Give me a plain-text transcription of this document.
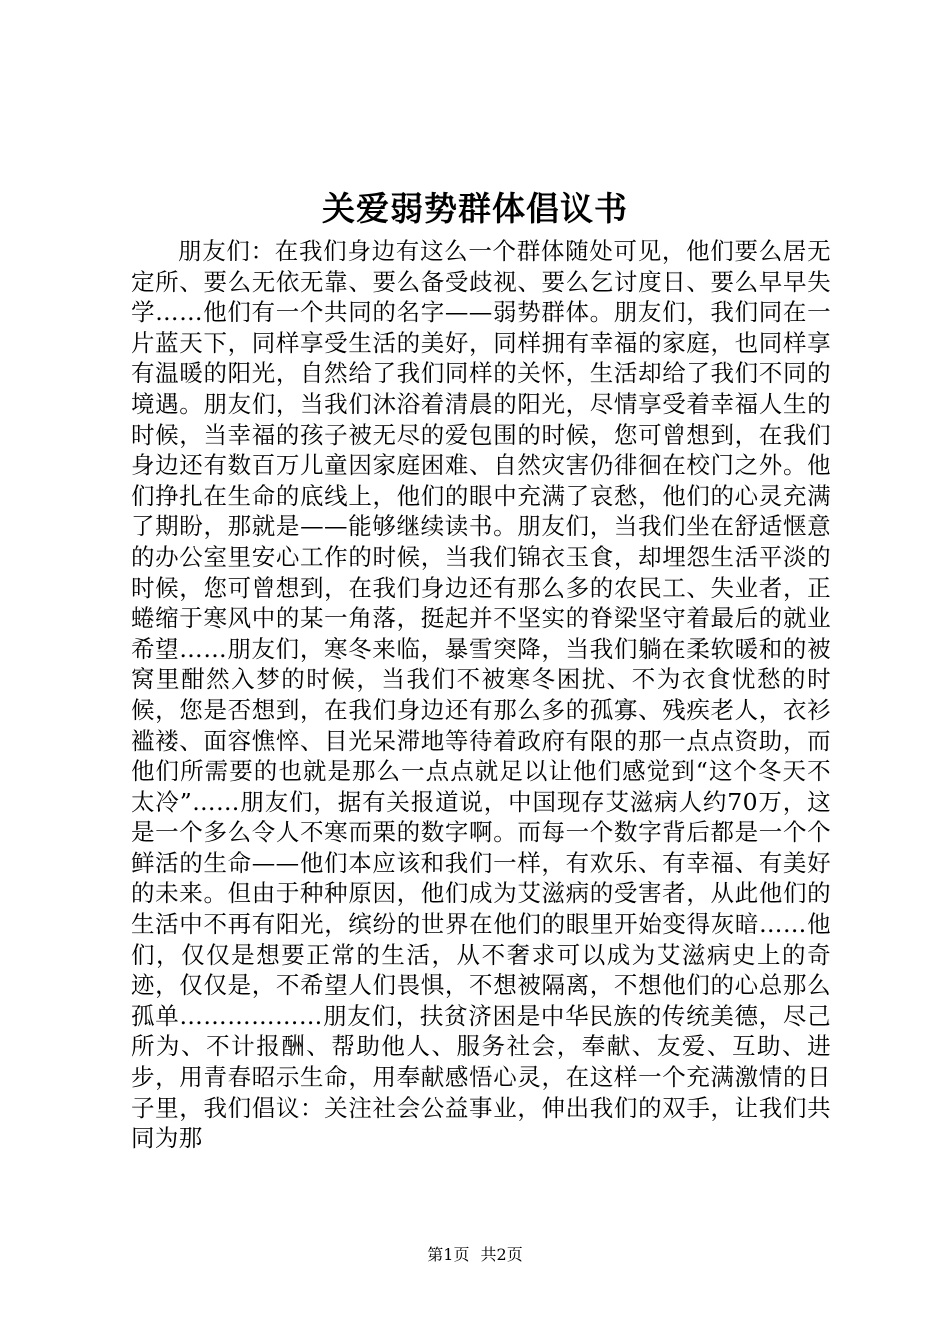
关爱弱势群体倡议书

朋友们：在我们身边有这么一个群体随处可见，他们要么居无定所、要么无依无靠、要么备受歧视、要么乞讨度日、要么早早失学……他们有一个共同的名字——弱势群体。朋友们，我们同在一片蓝天下，同样享受生活的美好，同样拥有幸福的家庭，也同样享有温暖的阳光，自然给了我们同样的关怀，生活却给了我们不同的境遇。朋友们，当我们沐浴着清晨的阳光，尽情享受着幸福人生的时候，当幸福的孩子被无尽的爱包围的时候，您可曾想到，在我们身边还有数百万儿童因家庭困难、自然灾害仍徘徊在校门之外。他们挣扎在生命的底线上，他们的眼中充满了哀愁，他们的心灵充满了期盼，那就是——能够继续读书。朋友们，当我们坐在舒适惬意的办公室里安心工作的时候，当我们锦衣玉食，却埋怨生活平淡的时候，您可曾想到，在我们身边还有那么多的农民工、失业者，正蜷缩于寒风中的某一角落，挺起并不坚实的脊梁坚守着最后的就业希望……朋友们，寒冬来临，暴雪突降，当我们躺在柔软暖和的被窝里酣然入梦的时候，当我们不被寒冬困扰、不为衣食忧愁的时候，您是否想到，在我们身边还有那么多的孤寡、残疾老人，衣衫褴褛、面容憔悴、目光呆滞地等待着政府有限的那一点点资助，而他们所需要的也就是那么一点点就足以让他们感觉到“这个冬天不太冷”……朋友们，据有关报道说，中国现存艾滋病人约70万，这是一个多么令人不寒而栗的数字啊。而每一个数字背后都是一个个鲜活的生命——他们本应该和我们一样，有欢乐、有幸福、有美好的未来。但由于种种原因，他们成为艾滋病的受害者，从此他们的生活中不再有阳光，缤纷的世界在他们的眼里开始变得灰暗……他们，仅仅是想要正常的生活，从不奢求可以成为艾滋病史上的奇迹，仅仅是，不希望人们畏惧，不想被隔离，不想他们的心总那么孤单………………朋友们，扶贫济困是中华民族的传统美德，尽己所为、不计报酬、帮助他人、服务社会，奉献、友爱、互助、进步，用青春昭示生命，用奉献感悟心灵，在这样一个充满激情的日子里，我们倡议：关注社会公益事业，伸出我们的双手，让我们共同为那

第1页 共2页
